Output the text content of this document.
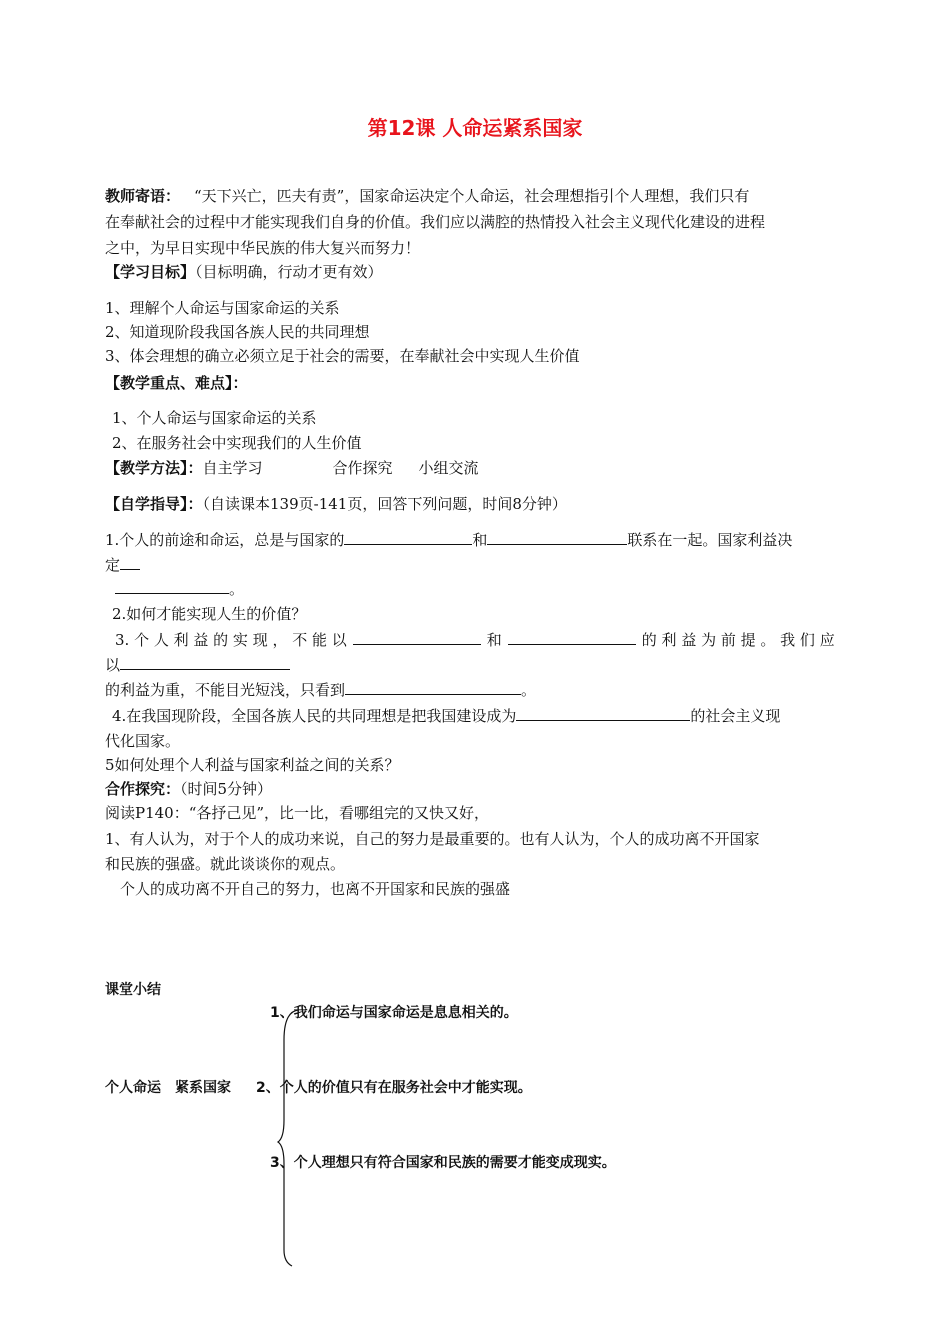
第12课 人命运紧系国家
教师寄语： “天下兴亡，匹夫有责”，国家命运决定个人命运，社会理想指引个人理想，我们只有
在奉献社会的过程中才能实现我们自身的价值。我们应以满腔的热情投入社会主义现代化建设的进程
之中，为早日实现中华民族的伟大复兴而努力！
【学习目标】（目标明确，行动才更有效）
1、理解个人命运与国家命运的关系
2、知道现阶段我国各族人民的共同理想
3、体会理想的确立必须立足于社会的需要，在奉献社会中实现人生价值
【教学重点、难点】：
1、个人命运与国家命运的关系
2、在服务社会中实现我们的人生价值
【教学方法】：自主学习	合作探究 小组交流
【自学指导】：（自读课本139页-141页，回答下列问题，时间8分钟）
1.个人的前途和命运，总是与国家的	和	联系在一起。国家利益决
定
。
2.如何才能实现人生的价值？
3. 个 人 利 益 的 实 现 ， 不 能 以	和	的 利 益 为 前 提 。 我 们 应
以
的利益为重，不能目光短浅，只看到	。
4.在我国现阶段，全国各族人民的共同理想是把我国建设成为	的社会主义现
代化国家。
5如何处理个人利益与国家利益之间的关系？
合作探究：（时间5分钟）
阅读P140：“各抒己见”，比一比，看哪组完的又快又好，
1、有人认为，对于个人的成功来说，自己的努力是最重要的。也有人认为，个人的成功离不开国家
和民族的强盛。就此谈谈你的观点。
个人的成功离不开自己的努力，也离不开国家和民族的强盛
课堂小结
个人命运　紧系国家
1、我们命运与国家命运是息息相关的。
2、个人的价值只有在服务社会中才能实现。
3、个人理想只有符合国家和民族的需要才能变成现实。
